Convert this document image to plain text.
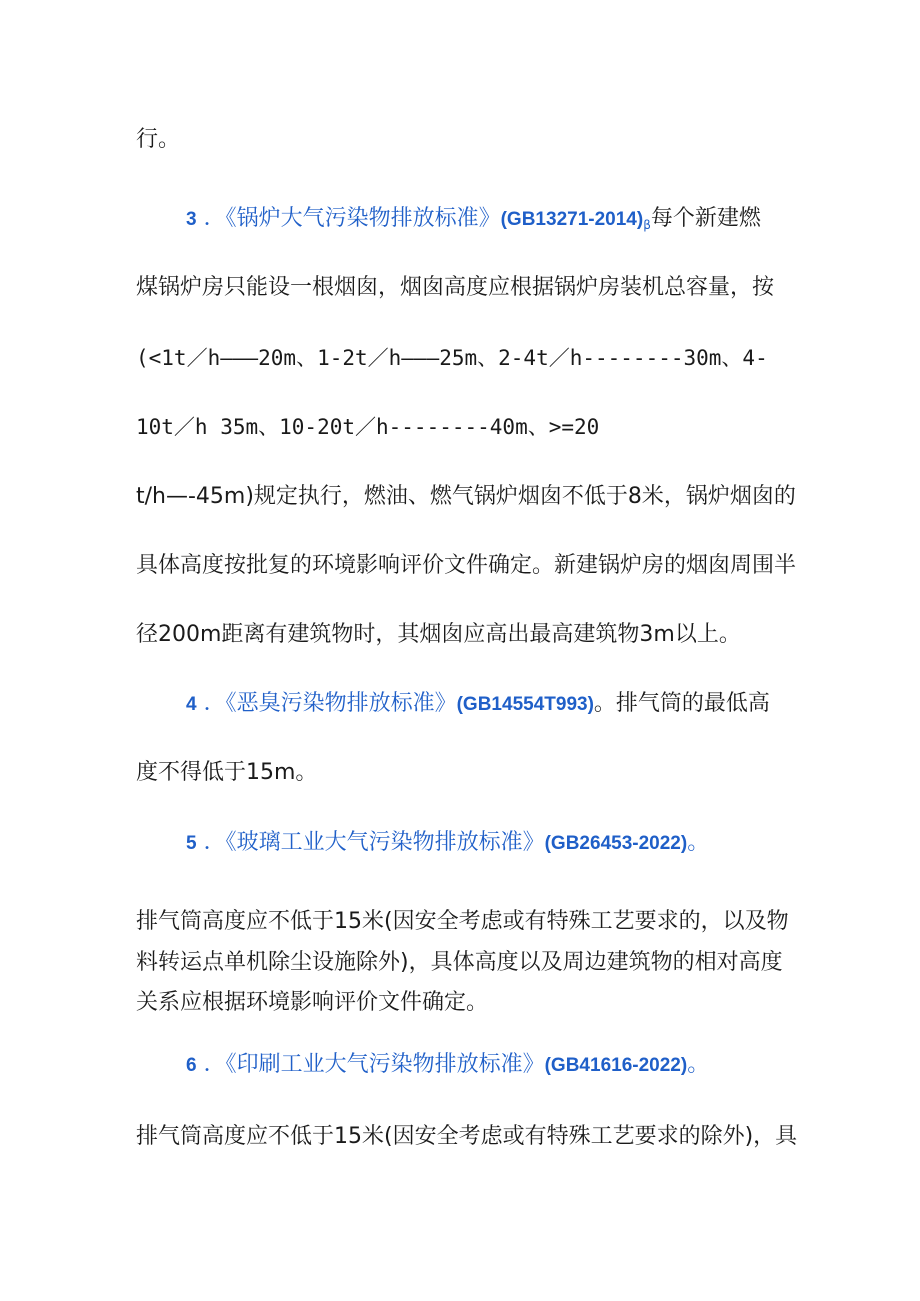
行。
3 ．《锅炉大气污染物排放标准》$(GB13271-2014)_\beta$每个新建燃
煤锅炉房只能设一根烟囱，烟囱高度应根据锅炉房装机总容量，按
(<1t／h———20m、1-2t／h———25m、2-4t／h--------30m、4-
10t／h 35m、10-20t／h--------40m、>=20
t/h—-45m)规定执行，燃油、燃气锅炉烟囱不低于8米，锅炉烟囱的
具体高度按批复的环境影响评价文件确定。新建锅炉房的烟囱周围半
径200m距离有建筑物时，其烟囱应高出最高建筑物3m以上。
4 ．《恶臭污染物排放标准》(GB14554T993)。排气筒的最低高
度不得低于15m。
5 ．《玻璃工业大气污染物排放标准》(GB26453-2022)。
排气筒高度应不低于15米(因安全考虑或有特殊工艺要求的，以及物
料转运点单机除尘设施除外)，具体高度以及周边建筑物的相对高度
关系应根据环境影响评价文件确定。
6 ．《印刷工业大气污染物排放标准》(GB41616-2022)。
排气筒高度应不低于15米(因安全考虑或有特殊工艺要求的除外)，具
